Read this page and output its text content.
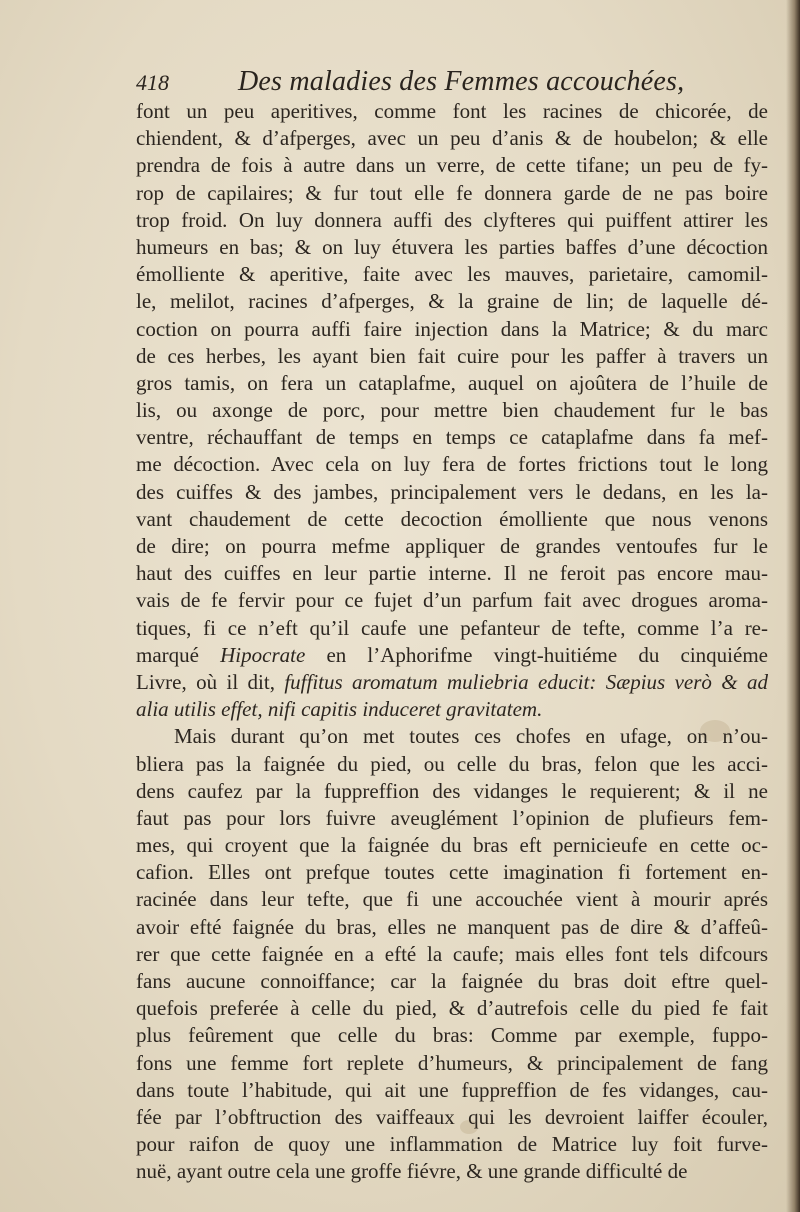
418 Des maladies des Femmes accouchées,
font un peu aperitives, comme font les racines de chicorée, de
chiendent, & d’afperges, avec un peu d’anis & de houbelon; & elle
prendra de fois à autre dans un verre, de cette tifane; un peu de fy-
rop de capilaires; & fur tout elle fe donnera garde de ne pas boire
trop froid. On luy donnera auffi des clyfteres qui puiffent attirer les
humeurs en bas; & on luy étuvera les parties baffes d’une décoction
émolliente & aperitive, faite avec les mauves, parietaire, camomil-
le, melilot, racines d’afperges, & la graine de lin; de laquelle dé-
coction on pourra auffi faire injection dans la Matrice; & du marc
de ces herbes, les ayant bien fait cuire pour les paffer à travers un
gros tamis, on fera un cataplafme, auquel on ajoûtera de l’huile de
lis, ou axonge de porc, pour mettre bien chaudement fur le bas
ventre, réchauffant de temps en temps ce cataplafme dans fa mef-
me décoction. Avec cela on luy fera de fortes frictions tout le long
des cuiffes & des jambes, principalement vers le dedans, en les la-
vant chaudement de cette decoction émolliente que nous venons
de dire; on pourra mefme appliquer de grandes ventoufes fur le
haut des cuiffes en leur partie interne. Il ne feroit pas encore mau-
vais de fe fervir pour ce fujet d’un parfum fait avec drogues aroma-
tiques, fi ce n’eft qu’il caufe une pefanteur de tefte, comme l’a re-
marqué Hipocrate en l’Aphorifme vingt-huitiéme du cinquiéme
Livre, où il dit, fuffitus aromatum muliebria educit: Sæpius verò & ad
alia utilis effet, nifi capitis induceret gravitatem.
Mais durant qu’on met toutes ces chofes en ufage, on n’ou-
bliera pas la faignée du pied, ou celle du bras, felon que les acci-
dens caufez par la fuppreffion des vidanges le requierent; & il ne
faut pas pour lors fuivre aveuglément l’opinion de plufieurs fem-
mes, qui croyent que la faignée du bras eft pernicieufe en cette oc-
cafion. Elles ont prefque toutes cette imagination fi fortement en-
racinée dans leur tefte, que fi une accouchée vient à mourir aprés
avoir efté faignée du bras, elles ne manquent pas de dire & d’affeû-
rer que cette faignée en a efté la caufe; mais elles font tels difcours
fans aucune connoiffance; car la faignée du bras doit eftre quel-
quefois preferée à celle du pied, & d’autrefois celle du pied fe fait
plus feûrement que celle du bras: Comme par exemple, fuppo-
fons une femme fort replete d’humeurs, & principalement de fang
dans toute l’habitude, qui ait une fuppreffion de fes vidanges, cau-
fée par l’obftruction des vaiffeaux qui les devroient laiffer écouler,
pour raifon de quoy une inflammation de Matrice luy foit furve-
nuë, ayant outre cela une groffe fiévre, & une grande difficulté de
